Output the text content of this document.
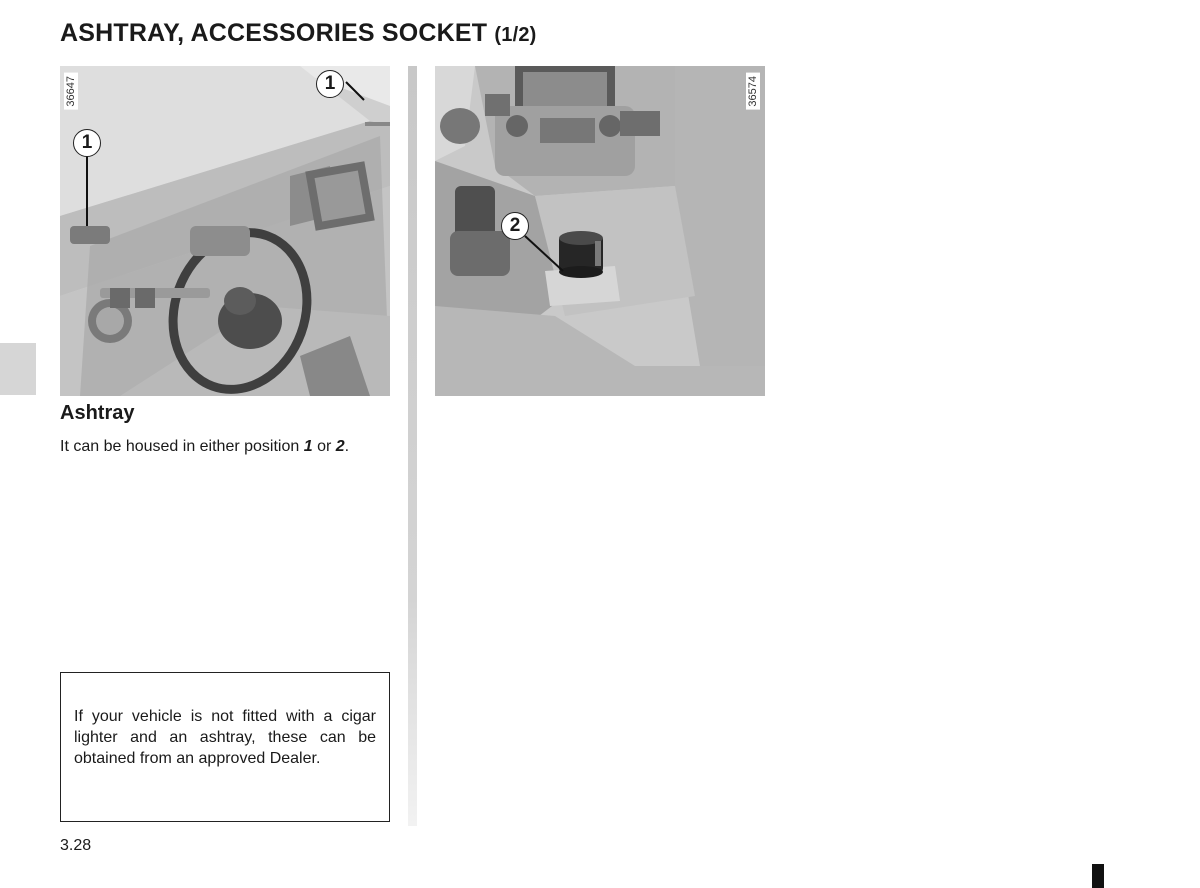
ASHTRAY, ACCESSORIES SOCKET (1/2)
36647
1
1	36574
2
Ashtray

It can be housed in either position 1 or 2.

If your vehicle is not fitted with a cigar lighter and an ashtray, these can be obtained from an approved Dealer.

3.28
